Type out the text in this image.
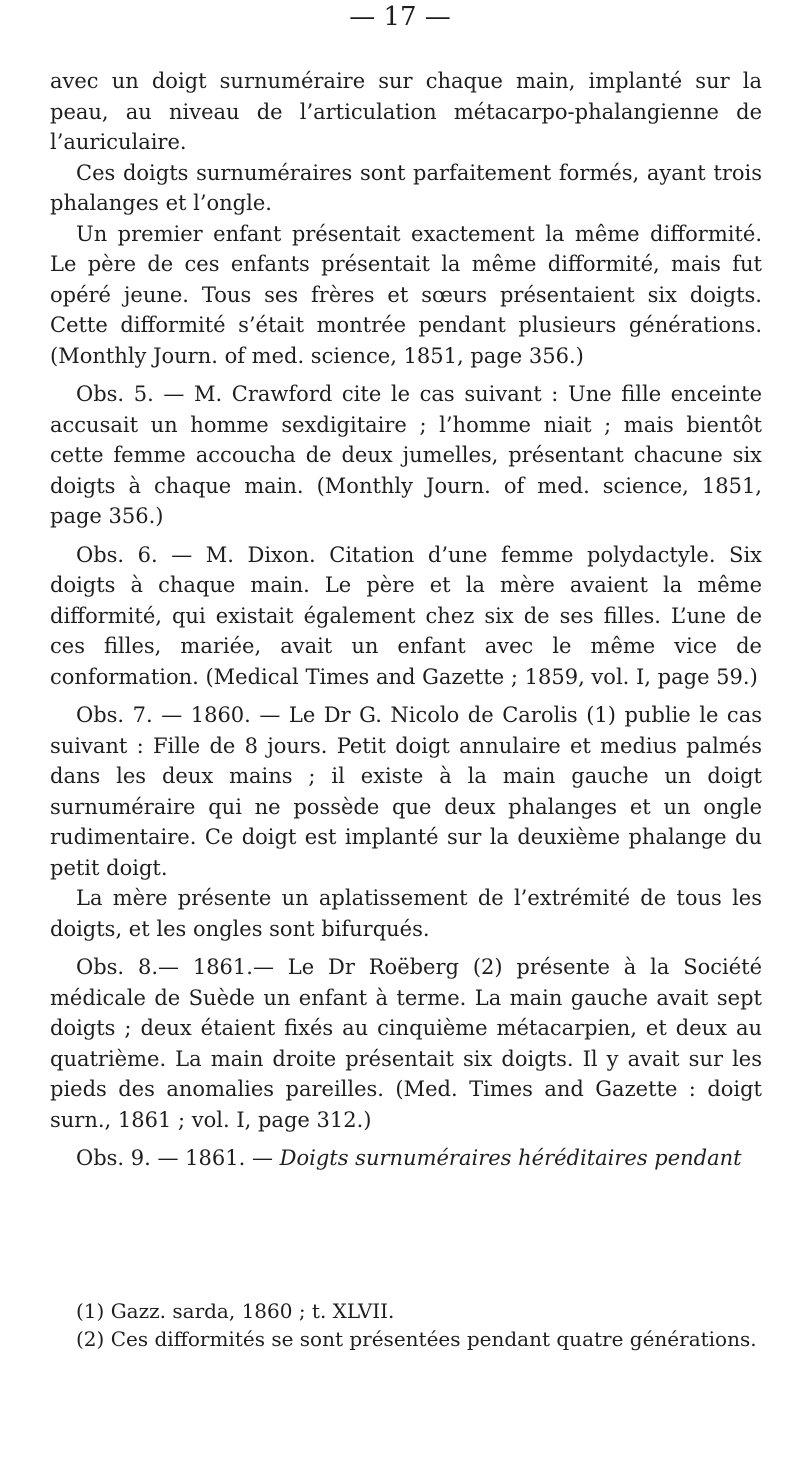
— 17 —

avec un doigt surnuméraire sur chaque main, implanté sur la peau, au niveau de l’articulation métacarpo-phalangienne de l’auriculaire.

Ces doigts surnuméraires sont parfaitement formés, ayant trois phalanges et l’ongle.

Un premier enfant présentait exactement la même difformité. Le père de ces enfants présentait la même difformité, mais fut opéré jeune. Tous ses frères et sœurs présentaient six doigts. Cette difformité s’était montrée pendant plusieurs générations. (Monthly Journ. of med. science, 1851, page 356.)

Obs. 5. — M. Crawford cite le cas suivant : Une fille enceinte accusait un homme sexdigitaire ; l’homme niait ; mais bientôt cette femme accoucha de deux jumelles, présentant chacune six doigts à chaque main. (Monthly Journ. of med. science, 1851, page 356.)

Obs. 6. — M. Dixon. Citation d’une femme polydactyle. Six doigts à chaque main. Le père et la mère avaient la même difformité, qui existait également chez six de ses filles. L’une de ces filles, mariée, avait un enfant avec le même vice de conformation. (Medical Times and Gazette ; 1859, vol. I, page 59.)

Obs. 7. — 1860. — Le Dr G. Nicolo de Carolis (1) publie le cas suivant : Fille de 8 jours. Petit doigt annulaire et medius palmés dans les deux mains ; il existe à la main gauche un doigt surnuméraire qui ne possède que deux phalanges et un ongle rudimentaire. Ce doigt est implanté sur la deuxième phalange du petit doigt.

La mère présente un aplatissement de l’extrémité de tous les doigts, et les ongles sont bifurqués.

Obs. 8.— 1861.— Le Dr Roëberg (2) présente à la Société médicale de Suède un enfant à terme. La main gauche avait sept doigts ; deux étaient fixés au cinquième métacarpien, et deux au quatrième. La main droite présentait six doigts. Il y avait sur les pieds des anomalies pareilles. (Med. Times and Gazette : doigt surn., 1861 ; vol. I, page 312.)

Obs. 9. — 1861. — Doigts surnuméraires héréditaires pendant

(1) Gazz. sarda, 1860 ; t. XLVII.

(2) Ces difformités se sont présentées pendant quatre générations.
